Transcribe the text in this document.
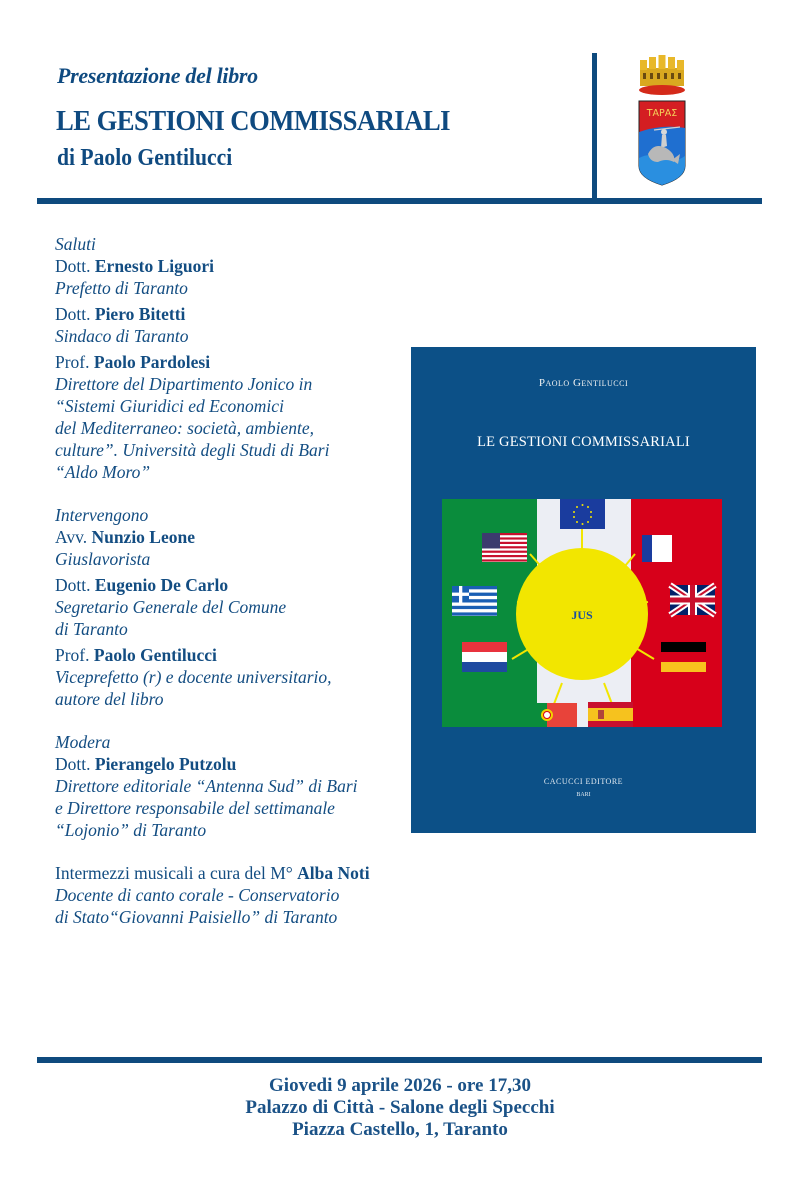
Presentazione del libro
LE GESTIONI COMMISSARIALI
di Paolo Gentilucci
ΤΑΡΑΣ
Saluti
Dott. Ernesto Liguori
Prefetto di Taranto
Dott. Piero Bitetti
Sindaco di Taranto
Prof. Paolo Pardolesi
Direttore del Dipartimento Jonico in
“Sistemi Giuridici ed Economici
del Mediterraneo: società, ambiente,
culture”. Università degli Studi di Bari
“Aldo Moro”
Intervengono
Avv. Nunzio Leone
Giuslavorista
Dott. Eugenio De Carlo
Segretario Generale del Comune
di Taranto
Prof. Paolo Gentilucci
Viceprefetto (r) e docente universitario,
autore del libro
Modera
Dott. Pierangelo Putzolu
Direttore editoriale “Antenna Sud” di Bari
e Direttore responsabile del settimanale
“Lojonio” di Taranto
Intermezzi musicali a cura del M° Alba Noti
Docente di canto corale - Conservatorio
di Stato“Giovanni Paisiello” di Taranto
Paolo Gentilucci
LE GESTIONI COMMISSARIALI
JUS
CACUCCI EDITORE
BARI
Giovedi 9 aprile 2026 - ore 17,30
Palazzo di Città - Salone degli Specchi
Piazza Castello, 1, Taranto
